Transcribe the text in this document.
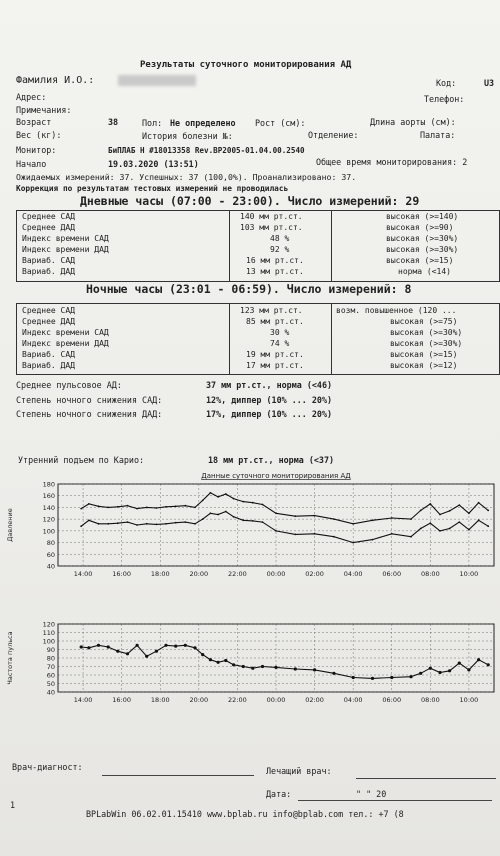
Результаты суточного мониторирования АД
Фамилия И.О.:	Код:	U3
Адрес:	Телефон:
Примечания:
Возраст	38	Пол: Не определено Рост (см):	Длина аорты (см):
Вес (кг):	История болезни №:	Отделение:	Палата:
Монитор:	БиПЛАБ Н #18013358 Rev.BP2005-01.04.00.2540
Начало	19.03.2020 (13:51)	Общее время мониторирования: 2
Ожидаемых измерений: 37. Успешных: 37 (100,0%). Проанализировано: 37.
Коррекция по результатам тестовых измерений не проводилась
Дневные часы (07:00 - 23:00). Число измерений: 29
Среднее САД	140 мм рт.ст.	высокая (>=140)
Среднее ДАД	103 мм рт.ст.	высокая (>=90)
Индекс времени САД	48 %	высокая (>=30%)
Индекс времени ДАД	92 %	высокая (>=30%)
Вариаб. САД	16 мм рт.ст.	высокая (>=15)
Вариаб. ДАД	13 мм рт.ст.	норма (<14)
Ночные часы (23:01 - 06:59). Число измерений: 8
Среднее САД	123 мм рт.ст.	возм. повышенное (120 ...
Среднее ДАД	85 мм рт.ст.	высокая (>=75)
Индекс времени САД	30 %	высокая (>=30%)
Индекс времени ДАД	74 %	высокая (>=30%)
Вариаб. САД	19 мм рт.ст.	высокая (>=15)
Вариаб. ДАД	17 мм рт.ст.	высокая (>=12)
Среднее пульсовое АД:	37 мм рт.ст., норма (<46)
Степень ночного снижения САД:	12%, диппер (10% ... 20%)
Степень ночного снижения ДАД:	17%, диппер (10% ... 20%)
Утренний подъем по Карио:	18 мм рт.ст., норма (<37)
Данные суточного мониторирования АД
Давление
180
160
140
120
100
80
60
40
14:00	16:00	18:00	20:00	22:00	00:00	02:00	04:00	06:00	08:00	10:00
Частота пульса
120
110
100
90
80
70
60
50
40
14:00	16:00	18:00	20:00	22:00	00:00	02:00	04:00	06:00	08:00	10:00
Врач-диагност:	Лечащий врач:
Дата:	" " 20
1
BPLabWin 06.02.01.15410 www.bplab.ru info@bplab.com тел.: +7 (8
